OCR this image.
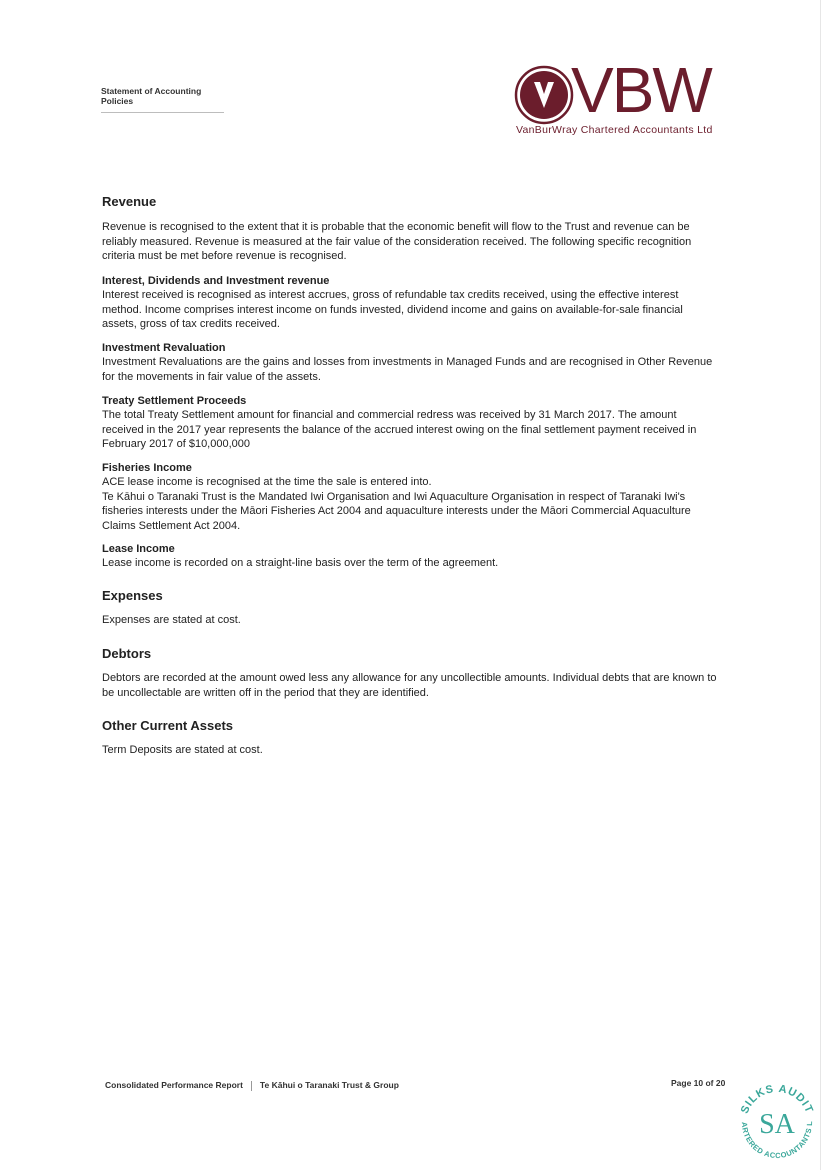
Statement of Accounting Policies	VBW
VanBurWray Chartered Accountants Ltd

Revenue

Revenue is recognised to the extent that it is probable that the economic benefit will flow to the Trust and revenue can be reliably measured. Revenue is measured at the fair value of the consideration received. The following specific recognition criteria must be met before revenue is recognised.

Interest, Dividends and Investment revenue

Interest received is recognised as interest accrues, gross of refundable tax credits received, using the effective interest method. Income comprises interest income on funds invested, dividend income and gains on available-for-sale financial assets, gross of tax credits received.

Investment Revaluation

Investment Revaluations are the gains and losses from investments in Managed Funds and are recognised in Other Revenue for the movements in fair value of the assets.

Treaty Settlement Proceeds

The total Treaty Settlement amount for financial and commercial redress was received by 31 March 2017. The amount received in the 2017 year represents the balance of the accrued interest owing on the final settlement payment received in February 2017 of $10,000,000

Fisheries Income

ACE lease income is recognised at the time the sale is entered into.

Te Kāhui o Taranaki Trust is the Mandated Iwi Organisation and Iwi Aquaculture Organisation in respect of Taranaki Iwi's fisheries interests under the Māori Fisheries Act 2004 and aquaculture interests under the Māori Commercial Aquaculture Claims Settlement Act 2004.

Lease Income

Lease income is recorded on a straight-line basis over the term of the agreement.

Expenses

Expenses are stated at cost.

Debtors

Debtors are recorded at the amount owed less any allowance for any uncollectible amounts. Individual debts that are known to be uncollectable are written off in the period that they are identified.

Other Current Assets

Term Deposits are stated at cost.

Consolidated Performance Report Te Kāhui o Taranaki Trust & Group	Page 10 of 20
SILKS AUDIT
ARTERED ACCOUNTANTS L
SA
